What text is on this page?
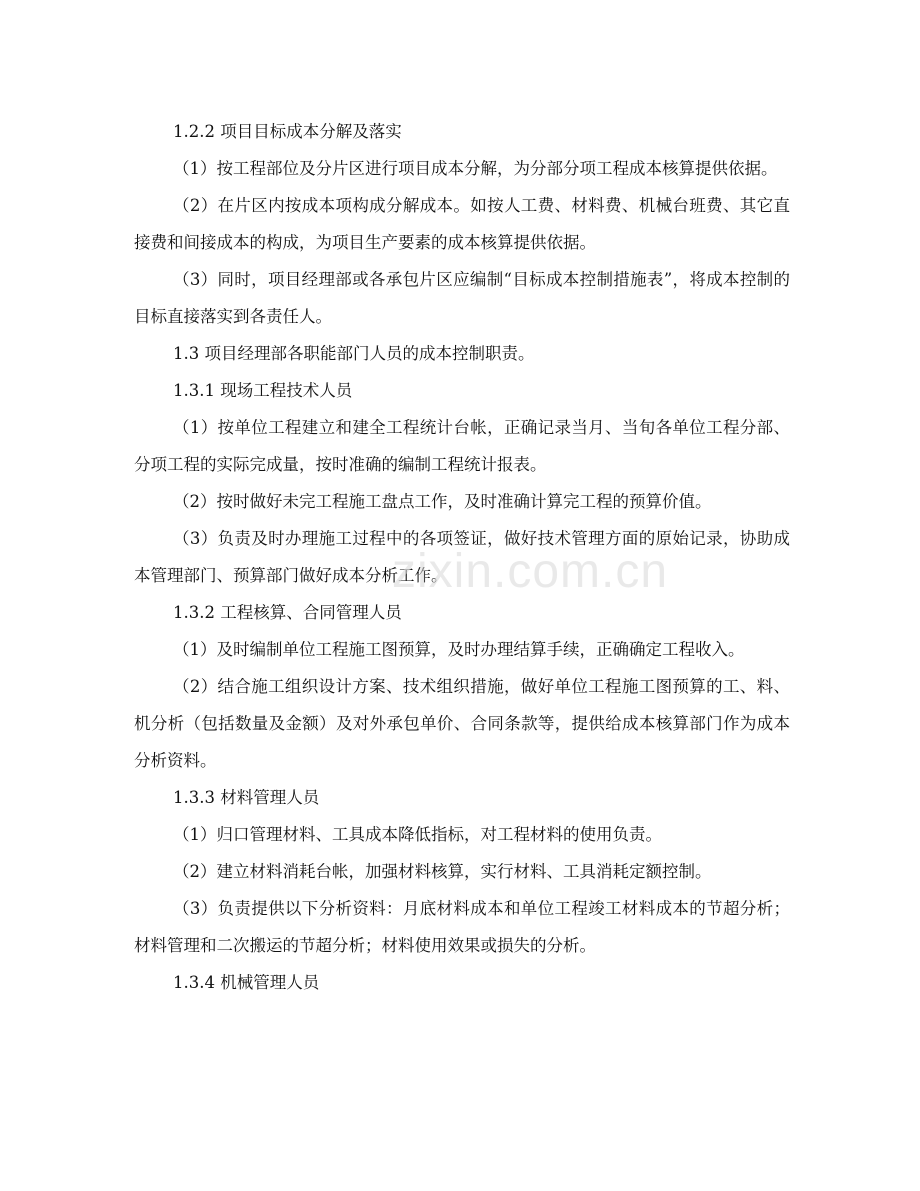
1.2.2 项目目标成本分解及落实

（1）按工程部位及分片区进行项目成本分解，为分部分项工程成本核算提供依据。

（2）在片区内按成本项构成分解成本。如按人工费、材料费、机械台班费、其它直接费和间接成本的构成，为项目生产要素的成本核算提供依据。

（3）同时，项目经理部或各承包片区应编制“目标成本控制措施表”，将成本控制的目标直接落实到各责任人。

1.3 项目经理部各职能部门人员的成本控制职责。

1.3.1 现场工程技术人员

（1）按单位工程建立和建全工程统计台帐，正确记录当月、当旬各单位工程分部、分项工程的实际完成量，按时准确的编制工程统计报表。

（2）按时做好未完工程施工盘点工作，及时准确计算完工程的预算价值。

（3）负责及时办理施工过程中的各项签证，做好技术管理方面的原始记录，协助成本管理部门、预算部门做好成本分析工作。

1.3.2 工程核算、合同管理人员

（1）及时编制单位工程施工图预算，及时办理结算手续，正确确定工程收入。

（2）结合施工组织设计方案、技术组织措施，做好单位工程施工图预算的工、料、机分析（包括数量及金额）及对外承包单价、合同条款等，提供给成本核算部门作为成本分析资料。

1.3.3 材料管理人员

（1）归口管理材料、工具成本降低指标，对工程材料的使用负责。

（2）建立材料消耗台帐，加强材料核算，实行材料、工具消耗定额控制。

（3）负责提供以下分析资料：月底材料成本和单位工程竣工材料成本的节超分析；材料管理和二次搬运的节超分析；材料使用效果或损失的分析。

1.3.4 机械管理人员

zixin.com.cn
